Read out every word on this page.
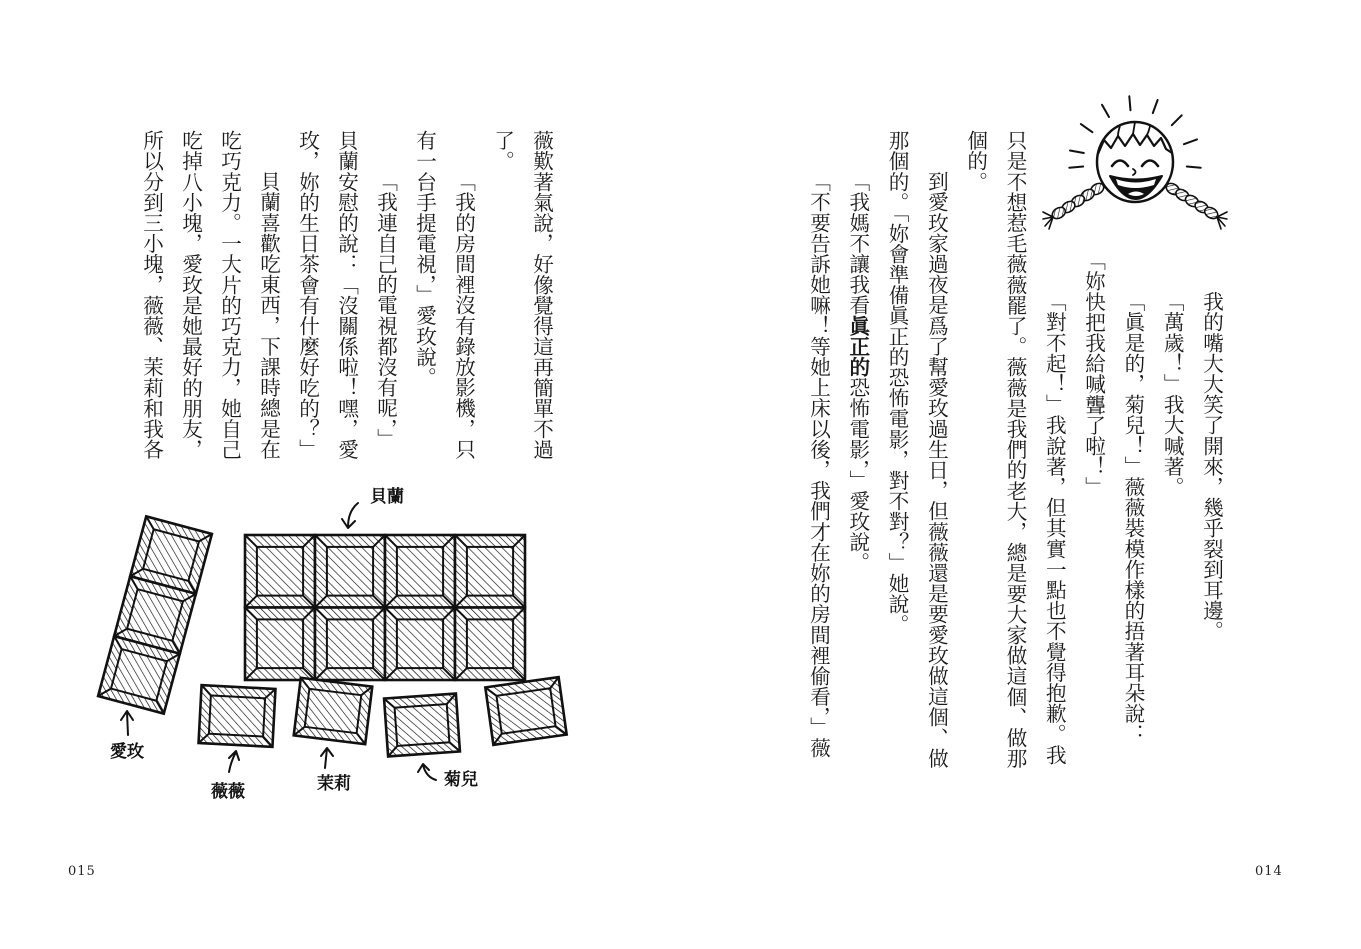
薇歎著氣說，好像覺得這再簡單不過
了。
「我的房間裡沒有錄放影機，只
有一台手提電視，」愛玫說。
「我連自己的電視都沒有呢，」
貝蘭安慰的說：「沒關係啦！嘿，愛
玫，妳的生日茶會有什麼好吃的？」
貝蘭喜歡吃東西，下課時總是在
吃巧克力。一大片的巧克力，她自己
吃掉八小塊，愛玫是她最好的朋友，
所以分到三小塊，薇薇、茉莉和我各
貝蘭
愛玫
薇薇	茉莉	菊兒
015
我的嘴大大笑了開來，幾乎裂到耳邊。
「萬歲！」我大喊著。
「眞是的，菊兒！」薇薇裝模作樣的捂著耳朵說：
「妳快把我給喊聾了啦！」
「對不起！」我說著，但其實一點也不覺得抱歉。我
只是不想惹毛薇薇罷了。薇薇是我們的老大，總是要大家做這個、做那
個的。
到愛玫家過夜是爲了幫愛玫過生日，但薇薇還是要愛玫做這個、做
那個的。「妳會準備眞正的恐怖電影，對不對？」她說。
「我媽不讓我看眞正的恐怖電影，」愛玫說。
「不要告訴她嘛！等她上床以後，我們才在妳的房間裡偷看，」薇
014
